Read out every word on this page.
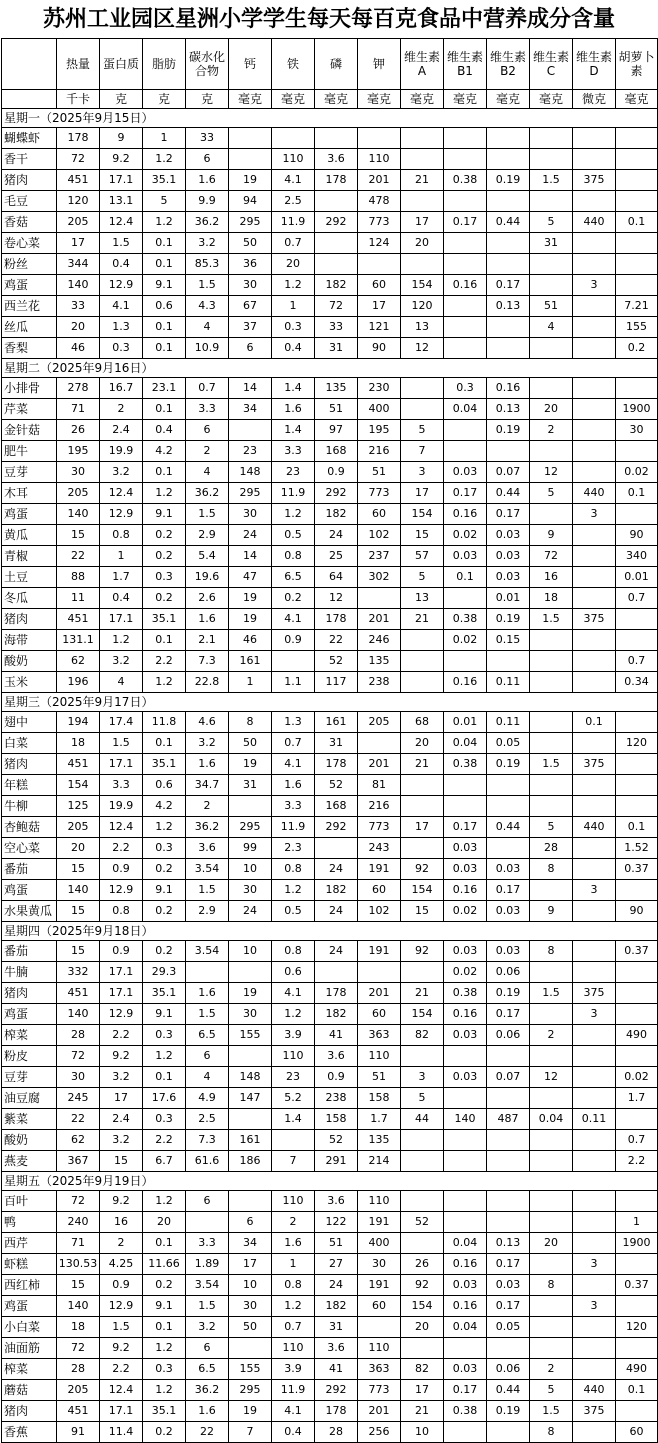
苏州工业园区星洲小学学生每天每百克食品中营养成分含量
	热量	蛋白质	脂肪	碳水化合物	钙	铁	磷	钾	维生素A	维生素B1	维生素B2	维生素C	维生素D	胡萝卜素
	千卡	克	克	克	毫克	毫克	毫克	毫克	毫克	毫克	毫克	毫克	微克	毫克
星期一（2025年9月15日）														
蝴蝶虾	178	9	1	33										
香干	72	9.2	1.2	6		110	3.6	110						
猪肉	451	17.1	35.1	1.6	19	4.1	178	201	21	0.38	0.19	1.5	375	
毛豆	120	13.1	5	9.9	94	2.5		478						
香菇	205	12.4	1.2	36.2	295	11.9	292	773	17	0.17	0.44	5	440	0.1
卷心菜	17	1.5	0.1	3.2	50	0.7		124	20			31		
粉丝	344	0.4	0.1	85.3	36	20								
鸡蛋	140	12.9	9.1	1.5	30	1.2	182	60	154	0.16	0.17		3	
西兰花	33	4.1	0.6	4.3	67	1	72	17	120		0.13	51		7.21
丝瓜	20	1.3	0.1	4	37	0.3	33	121	13			4		155
香梨	46	0.3	0.1	10.9	6	0.4	31	90	12					0.2
星期二（2025年9月16日）														
小排骨	278	16.7	23.1	0.7	14	1.4	135	230		0.3	0.16			
芹菜	71	2	0.1	3.3	34	1.6	51	400		0.04	0.13	20		1900
金针菇	26	2.4	0.4	6		1.4	97	195	5		0.19	2		30
肥牛	195	19.9	4.2	2	23	3.3	168	216	7					
豆芽	30	3.2	0.1	4	148	23	0.9	51	3	0.03	0.07	12		0.02
木耳	205	12.4	1.2	36.2	295	11.9	292	773	17	0.17	0.44	5	440	0.1
鸡蛋	140	12.9	9.1	1.5	30	1.2	182	60	154	0.16	0.17		3	
黄瓜	15	0.8	0.2	2.9	24	0.5	24	102	15	0.02	0.03	9		90
青椒	22	1	0.2	5.4	14	0.8	25	237	57	0.03	0.03	72		340
土豆	88	1.7	0.3	19.6	47	6.5	64	302	5	0.1	0.03	16		0.01
冬瓜	11	0.4	0.2	2.6	19	0.2	12		13		0.01	18		0.7
猪肉	451	17.1	35.1	1.6	19	4.1	178	201	21	0.38	0.19	1.5	375	
海带	131.1	1.2	0.1	2.1	46	0.9	22	246		0.02	0.15			
酸奶	62	3.2	2.2	7.3	161		52	135						0.7
玉米	196	4	1.2	22.8	1	1.1	117	238		0.16	0.11			0.34
星期三（2025年9月17日）														
翅中	194	17.4	11.8	4.6	8	1.3	161	205	68	0.01	0.11		0.1	
白菜	18	1.5	0.1	3.2	50	0.7	31		20	0.04	0.05			120
猪肉	451	17.1	35.1	1.6	19	4.1	178	201	21	0.38	0.19	1.5	375	
年糕	154	3.3	0.6	34.7	31	1.6	52	81						
牛柳	125	19.9	4.2	2		3.3	168	216						
杏鲍菇	205	12.4	1.2	36.2	295	11.9	292	773	17	0.17	0.44	5	440	0.1
空心菜	20	2.2	0.3	3.6	99	2.3		243		0.03		28		1.52
番茄	15	0.9	0.2	3.54	10	0.8	24	191	92	0.03	0.03	8		0.37
鸡蛋	140	12.9	9.1	1.5	30	1.2	182	60	154	0.16	0.17		3	
水果黄瓜	15	0.8	0.2	2.9	24	0.5	24	102	15	0.02	0.03	9		90
星期四（2025年9月18日）														
番茄	15	0.9	0.2	3.54	10	0.8	24	191	92	0.03	0.03	8		0.37
牛腩	332	17.1	29.3			0.6				0.02	0.06			
猪肉	451	17.1	35.1	1.6	19	4.1	178	201	21	0.38	0.19	1.5	375	
鸡蛋	140	12.9	9.1	1.5	30	1.2	182	60	154	0.16	0.17		3	
榨菜	28	2.2	0.3	6.5	155	3.9	41	363	82	0.03	0.06	2		490
粉皮	72	9.2	1.2	6		110	3.6	110						
豆芽	30	3.2	0.1	4	148	23	0.9	51	3	0.03	0.07	12		0.02
油豆腐	245	17	17.6	4.9	147	5.2	238	158	5					1.7
紫菜	22	2.4	0.3	2.5		1.4	158	1.7	44	140	487	0.04	0.11	
酸奶	62	3.2	2.2	7.3	161		52	135						0.7
燕麦	367	15	6.7	61.6	186	7	291	214						2.2
星期五（2025年9月19日）														
百叶	72	9.2	1.2	6		110	3.6	110						
鸭	240	16	20		6	2	122	191	52					1
西芹	71	2	0.1	3.3	34	1.6	51	400		0.04	0.13	20		1900
虾糕	130.53	4.25	11.66	1.89	17	1	27	30	26	0.16	0.17		3	
西红柿	15	0.9	0.2	3.54	10	0.8	24	191	92	0.03	0.03	8		0.37
鸡蛋	140	12.9	9.1	1.5	30	1.2	182	60	154	0.16	0.17		3	
小白菜	18	1.5	0.1	3.2	50	0.7	31		20	0.04	0.05			120
油面筋	72	9.2	1.2	6		110	3.6	110						
榨菜	28	2.2	0.3	6.5	155	3.9	41	363	82	0.03	0.06	2		490
蘑菇	205	12.4	1.2	36.2	295	11.9	292	773	17	0.17	0.44	5	440	0.1
猪肉	451	17.1	35.1	1.6	19	4.1	178	201	21	0.38	0.19	1.5	375	
香蕉	91	11.4	0.2	22	7	0.4	28	256	10			8		60
